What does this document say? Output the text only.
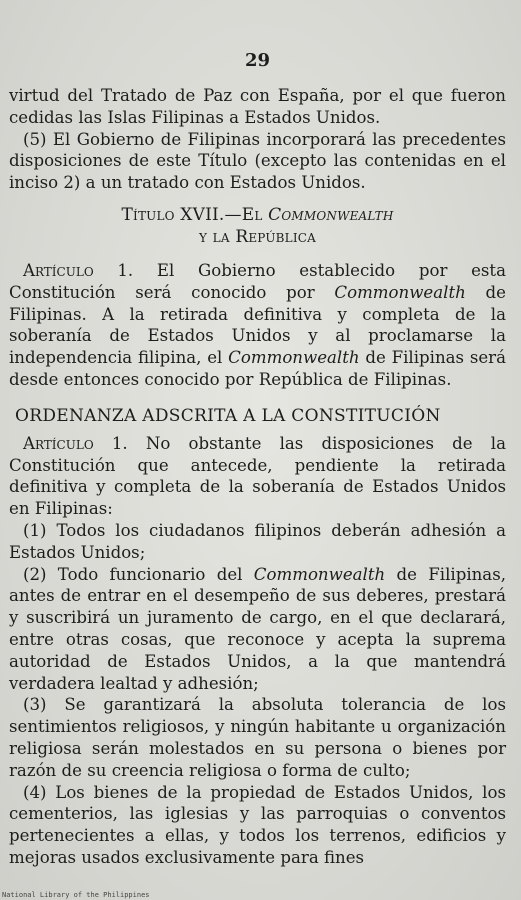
29

virtud del Tratado de Paz con España, por el que fueron cedidas las Islas Filipinas a Estados Unidos.

(5) El Gobierno de Filipinas incorporará las precedentes disposiciones de este Título (excepto las contenidas en el inciso 2) a un tratado con Estados Unidos.

Título XVII.—El Commonwealth
y la República

Artículo 1. El Gobierno establecido por esta Constitución será conocido por Commonwealth de Filipinas. A la retirada definitiva y completa de la soberanía de Estados Unidos y al proclamarse la independencia filipina, el Commonwealth de Filipinas será desde entonces conocido por República de Filipinas.

ORDENANZA ADSCRITA A LA CONSTITUCIÓN

Artículo 1. No obstante las disposiciones de la Constitución que antecede, pendiente la retirada definitiva y completa de la soberanía de Estados Unidos en Filipinas:

(1) Todos los ciudadanos filipinos deberán adhesión a Estados Unidos;

(2) Todo funcionario del Commonwealth de Filipinas, antes de entrar en el desempeño de sus deberes, prestará y suscribirá un juramento de cargo, en el que declarará, entre otras cosas, que reconoce y acepta la suprema autoridad de Estados Unidos, a la que mantendrá verdadera lealtad y adhesión;

(3) Se garantizará la absoluta tolerancia de los sentimientos religiosos, y ningún habitante u organización religiosa serán molestados en su persona o bienes por razón de su creencia religiosa o forma de culto;

(4) Los bienes de la propiedad de Estados Unidos, los cementerios, las iglesias y las parroquias o conventos pertenecientes a ellas, y todos los terrenos, edificios y mejoras usados exclusivamente para fines

National Library of the Philippines
